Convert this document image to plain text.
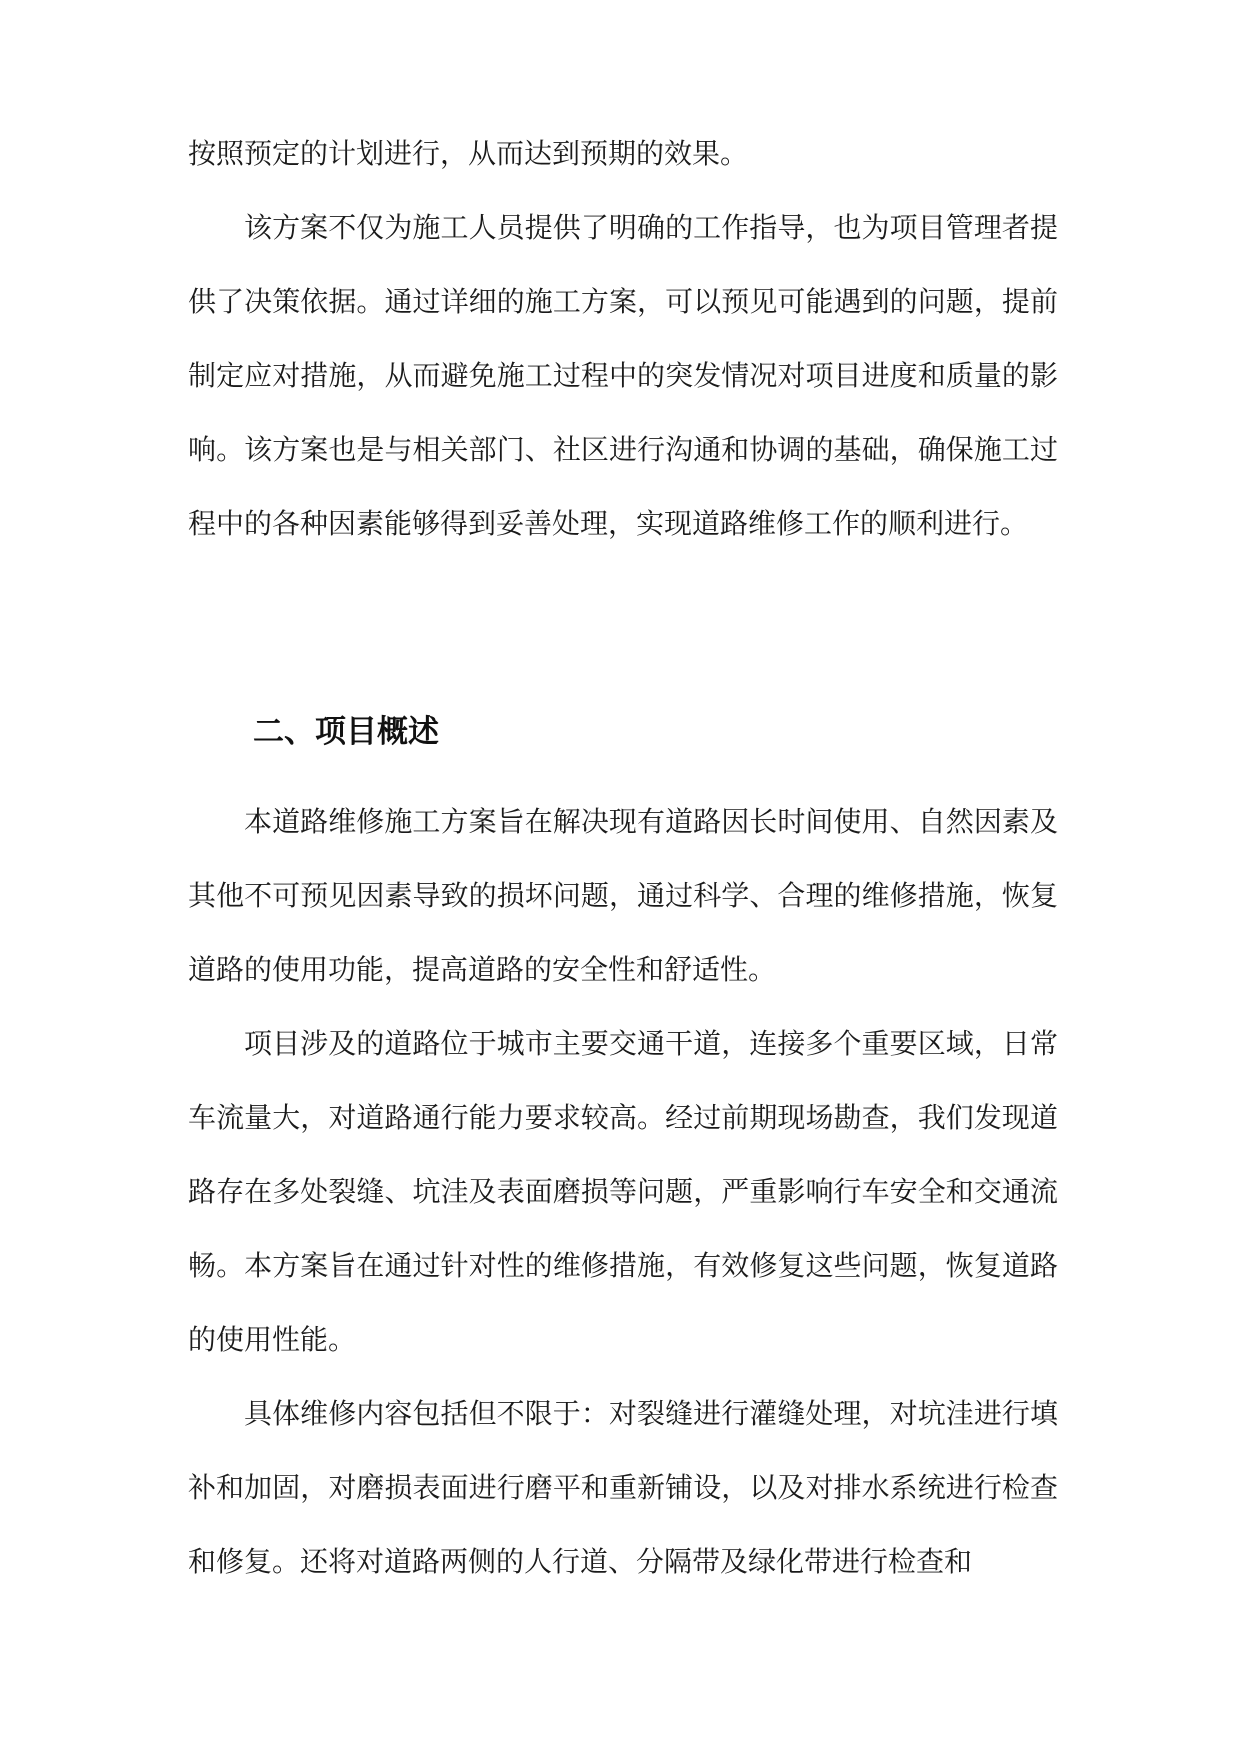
按照预定的计划进行，从而达到预期的效果。

该方案不仅为施工人员提供了明确的工作指导，也为项目管理者提供了决策依据。通过详细的施工方案，可以预见可能遇到的问题，提前制定应对措施，从而避免施工过程中的突发情况对项目进度和质量的影响。该方案也是与相关部门、社区进行沟通和协调的基础，确保施工过程中的各种因素能够得到妥善处理，实现道路维修工作的顺利进行。

二、项目概述

本道路维修施工方案旨在解决现有道路因长时间使用、自然因素及其他不可预见因素导致的损坏问题，通过科学、合理的维修措施，恢复道路的使用功能，提高道路的安全性和舒适性。

项目涉及的道路位于城市主要交通干道，连接多个重要区域，日常车流量大，对道路通行能力要求较高。经过前期现场勘查，我们发现道路存在多处裂缝、坑洼及表面磨损等问题，严重影响行车安全和交通流畅。本方案旨在通过针对性的维修措施，有效修复这些问题，恢复道路的使用性能。

具体维修内容包括但不限于：对裂缝进行灌缝处理，对坑洼进行填补和加固，对磨损表面进行磨平和重新铺设，以及对排水系统进行检查和修复。还将对道路两侧的人行道、分隔带及绿化带进行检查和
